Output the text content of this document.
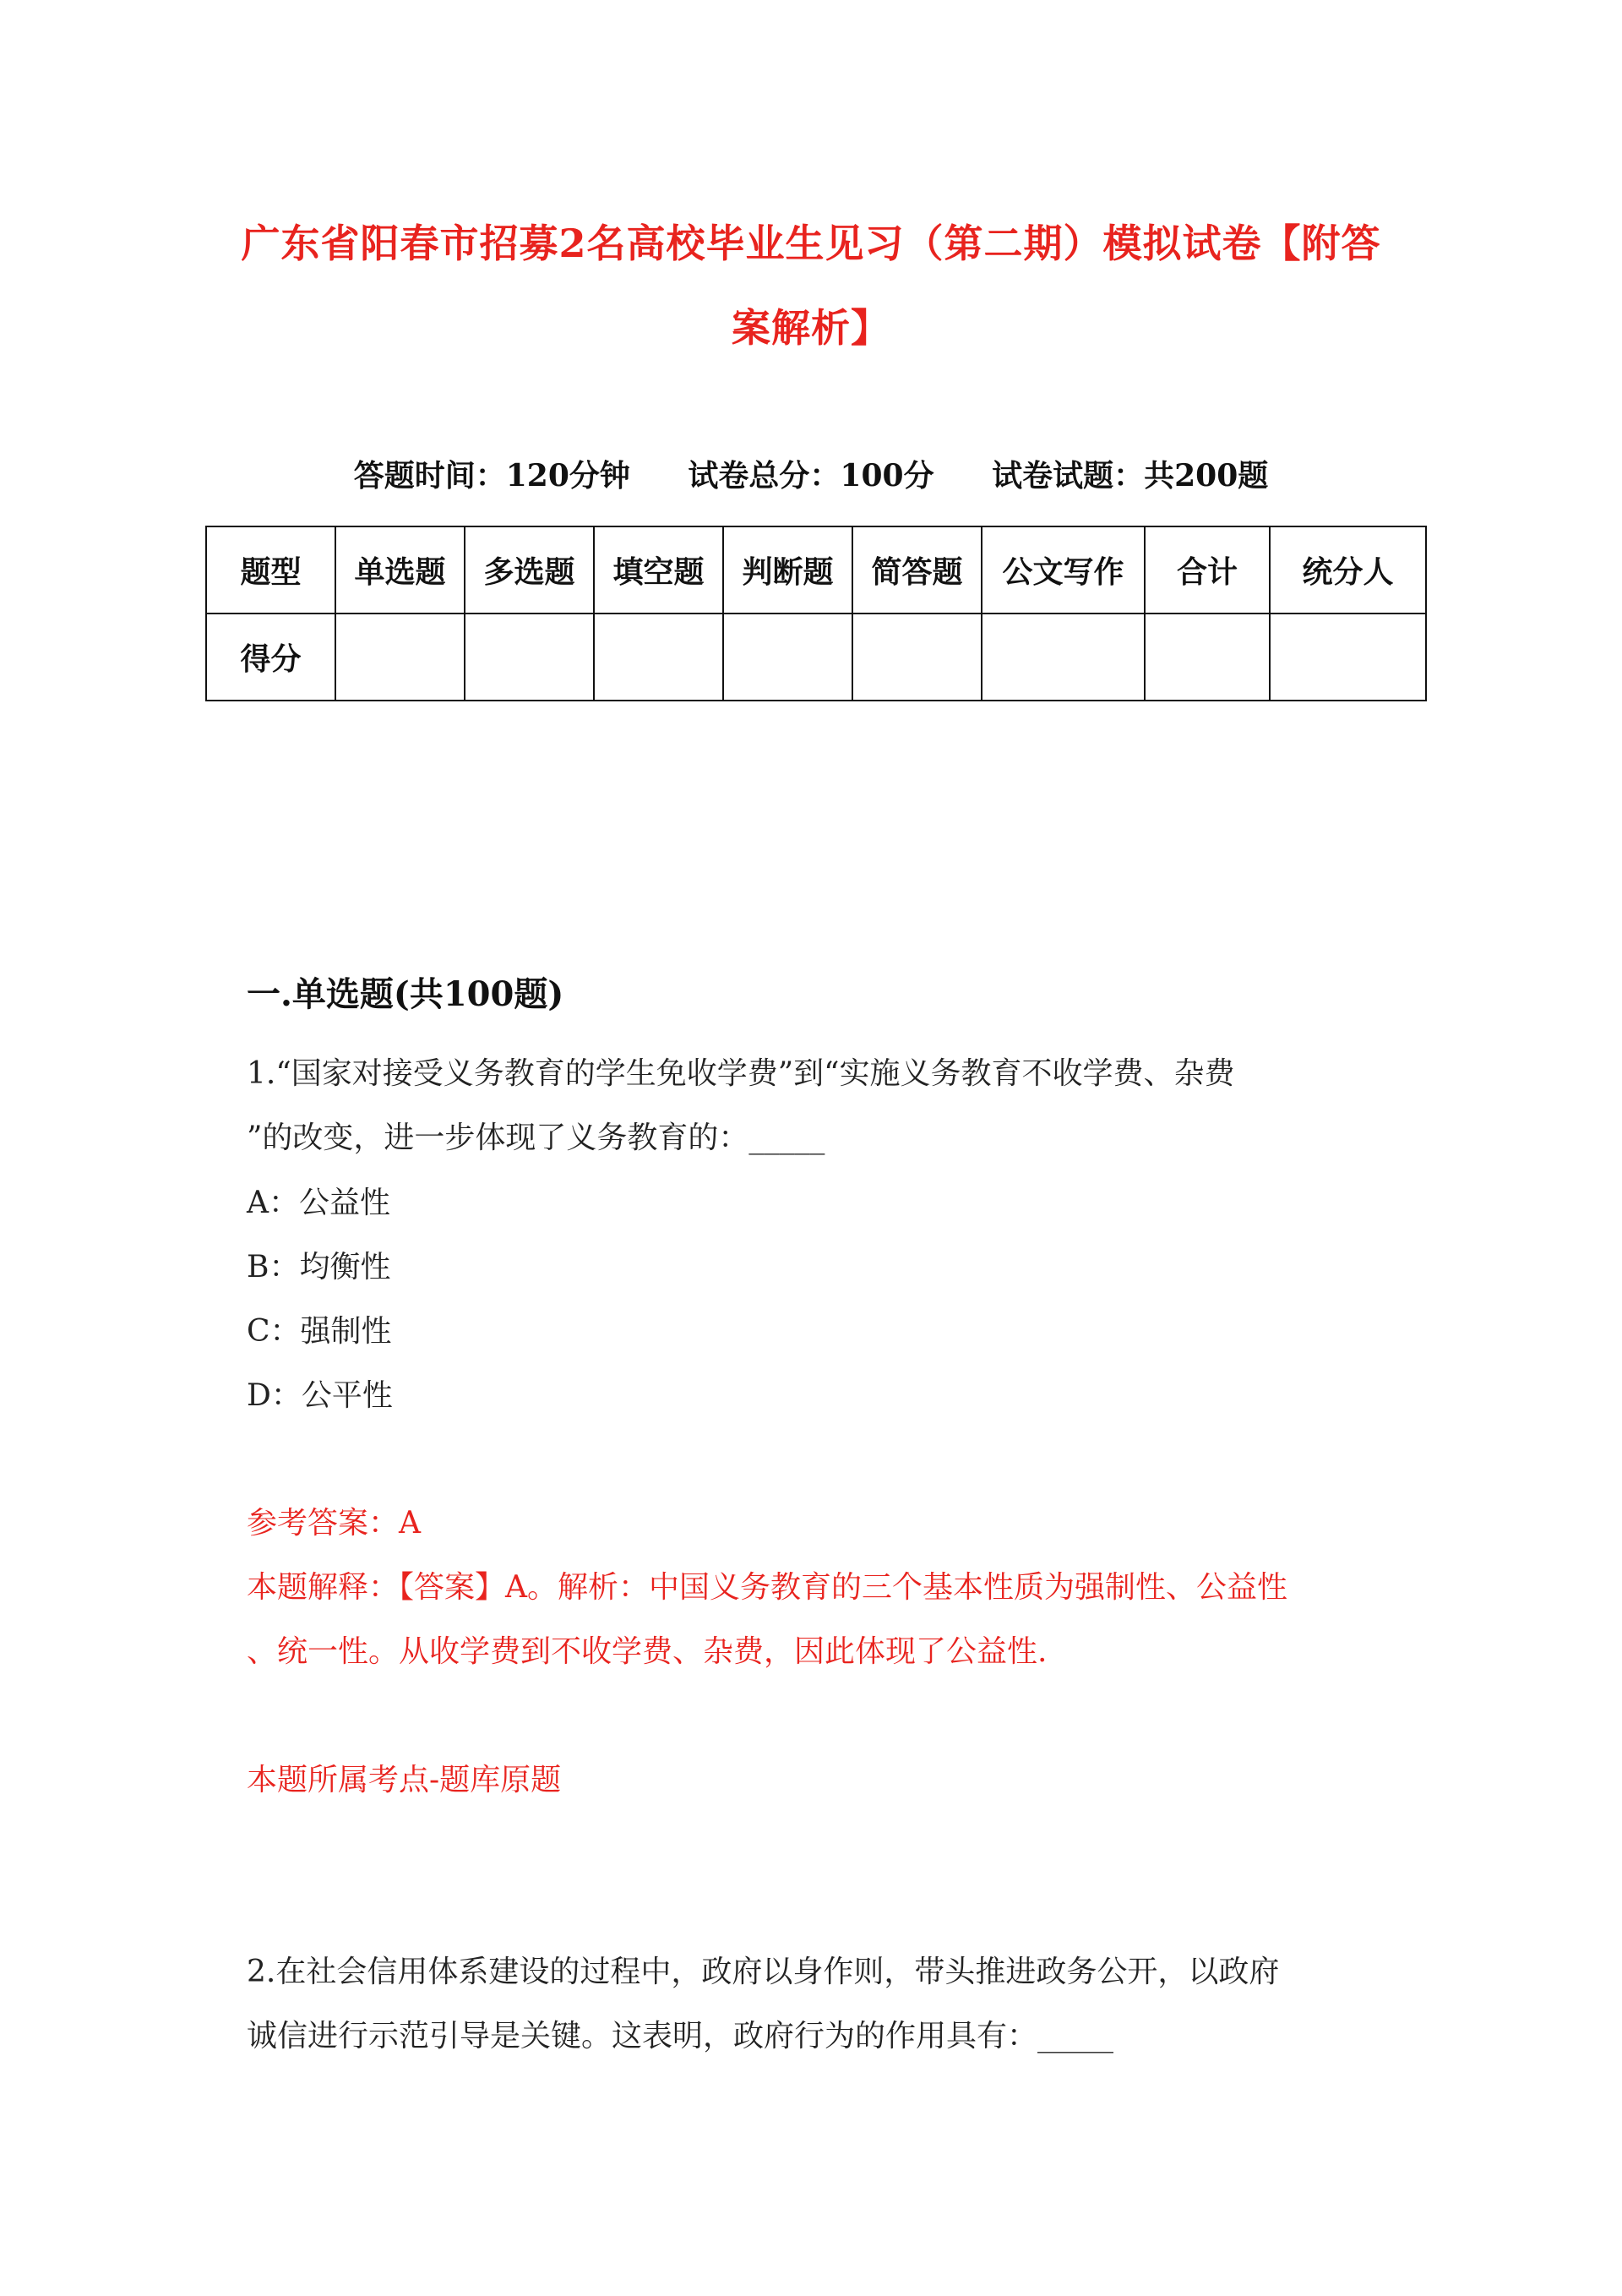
广东省阳春市招募2名高校毕业生见习（第二期）模拟试卷【附答
案解析】
答题时间：120分钟 试卷总分：100分 试卷试题：共200题
题型	单选题	多选题	填空题	判断题	简答题	公文写作	合计	统分人
得分								
一.单选题(共100题)
1.“国家对接受义务教育的学生免收学费”到“实施义务教育不收学费、杂费
”的改变，进一步体现了义务教育的：_____
A：公益性
B：均衡性
C：强制性
D：公平性
参考答案：A
本题解释：【答案】A。解析：中国义务教育的三个基本性质为强制性、公益性
、统一性。从收学费到不收学费、杂费，因此体现了公益性.
本题所属考点-题库原题
2.在社会信用体系建设的过程中，政府以身作则，带头推进政务公开，以政府
诚信进行示范引导是关键。这表明，政府行为的作用具有：_____
